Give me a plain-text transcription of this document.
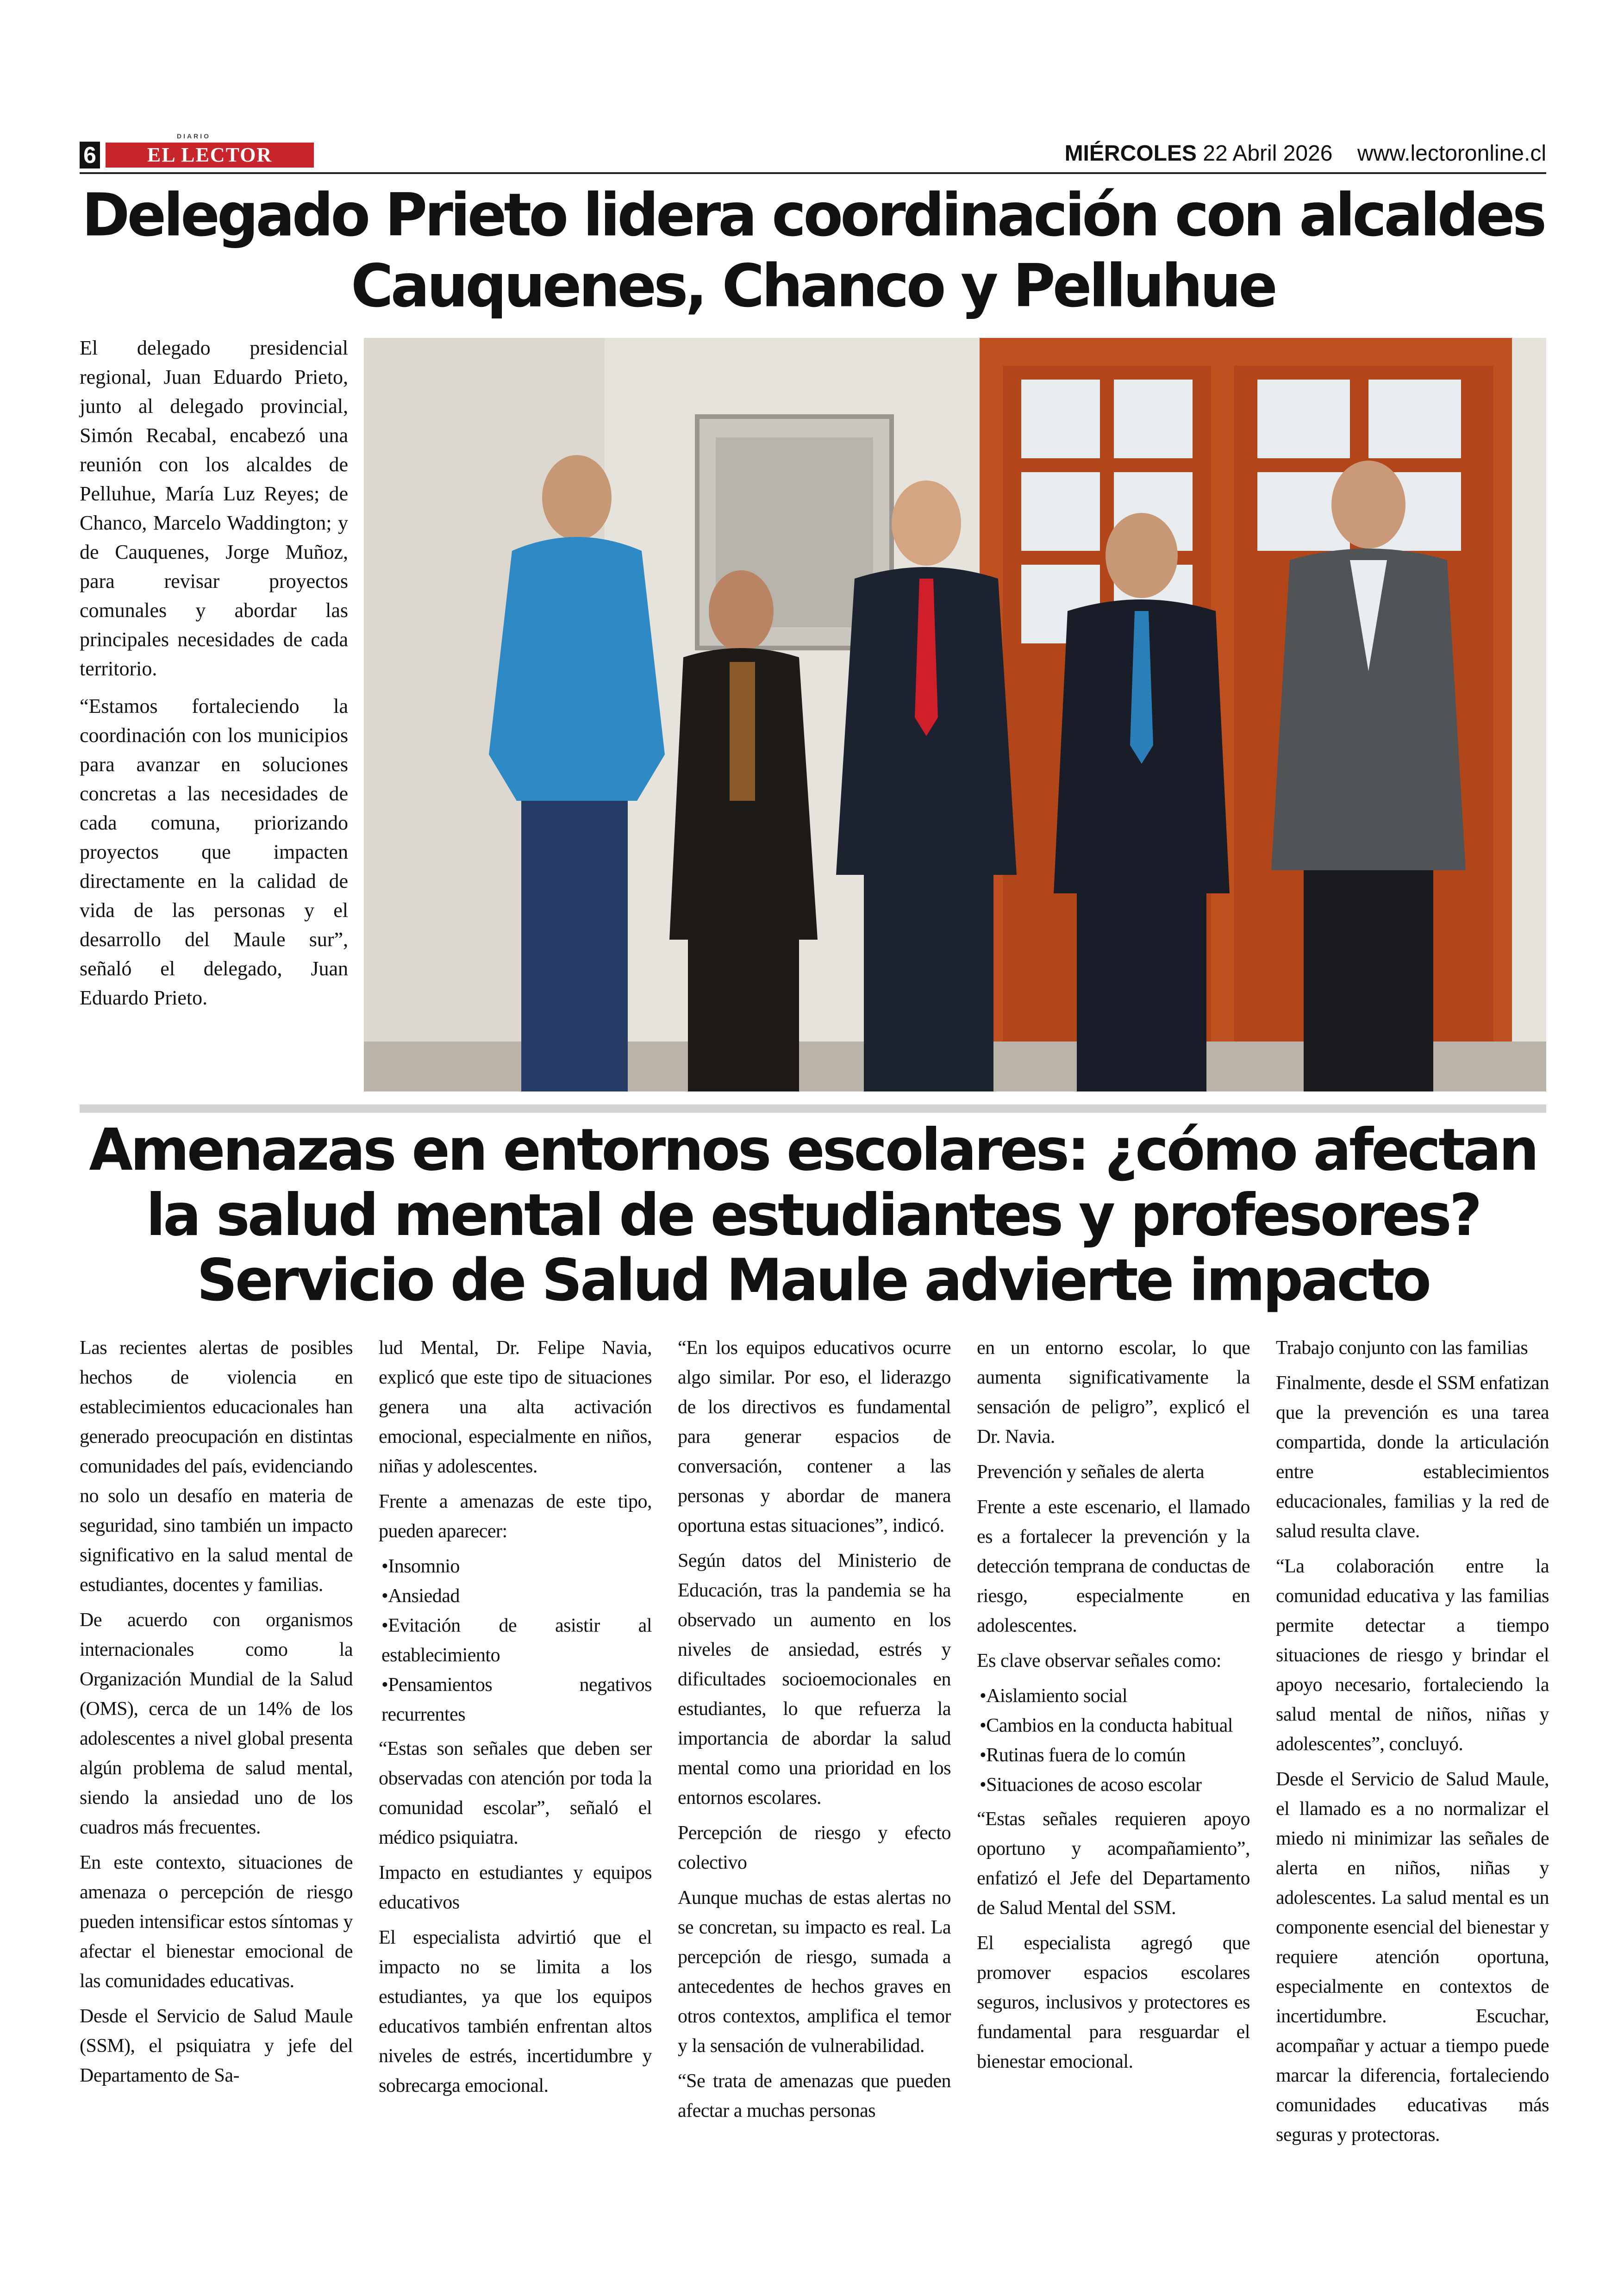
6	EL LECTOR
DIARIO
MIÉRCOLES 22 Abril 2026 www.lectoronline.cl
Delegado Prieto lidera coordinación con alcaldes Cauquenes, Chanco y Pelluhue

El delegado presidencial regional, Juan Eduardo Prieto, junto al delegado provincial, Simón Recabal, encabezó una reunión con los alcaldes de Pelluhue, María Luz Reyes; de Chanco, Marcelo Waddington; y de Cauquenes, Jorge Muñoz, para revisar proyectos comunales y abordar las principales necesidades de cada territorio.

“Estamos fortaleciendo la coordinación con los municipios para avanzar en soluciones concretas a las necesidades de cada comuna, priorizando proyectos que impacten directamente en la calidad de vida de las personas y el desarrollo del Maule sur”, señaló el delegado, Juan Eduardo Prieto.

Amenazas en entornos escolares: ¿cómo afectan la salud mental de estudiantes y profesores? Servicio de Salud Maule advierte impacto

Las recientes alertas de posibles hechos de violencia en establecimientos educacionales han generado preocupación en distintas comunidades del país, evidenciando no solo un desafío en materia de seguridad, sino también un impacto significativo en la salud mental de estudiantes, docentes y familias.

De acuerdo con organismos internacionales como la Organización Mundial de la Salud (OMS), cerca de un 14% de los adolescentes a nivel global presenta algún problema de salud mental, siendo la ansiedad uno de los cuadros más frecuentes.

En este contexto, situaciones de amenaza o percepción de riesgo pueden intensificar estos síntomas y afectar el bienestar emocional de las comunidades educativas.

Desde el Servicio de Salud Maule (SSM), el psiquiatra y jefe del Departamento de Sa-

lud Mental, Dr. Felipe Navia, explicó que este tipo de situaciones genera una alta activación emocional, especialmente en niños, niñas y adolescentes.

Frente a amenazas de este tipo, pueden aparecer:

• Insomnio
• Ansiedad
• Evitación de asistir al establecimiento
• Pensamientos negativos recurrentes

“Estas son señales que deben ser observadas con atención por toda la comunidad escolar”, señaló el médico psiquiatra.

Impacto en estudiantes y equipos educativos

El especialista advirtió que el impacto no se limita a los estudiantes, ya que los equipos educativos también enfrentan altos niveles de estrés, incertidumbre y sobrecarga emocional.

“En los equipos educativos ocurre algo similar. Por eso, el liderazgo de los directivos es fundamental para generar espacios de conversación, contener a las personas y abordar de manera oportuna estas situaciones”, indicó.

Según datos del Ministerio de Educación, tras la pandemia se ha observado un aumento en los niveles de ansiedad, estrés y dificultades socioemocionales en estudiantes, lo que refuerza la importancia de abordar la salud mental como una prioridad en los entornos escolares.

Percepción de riesgo y efecto colectivo

Aunque muchas de estas alertas no se concretan, su impacto es real. La percepción de riesgo, sumada a antecedentes de hechos graves en otros contextos, amplifica el temor y la sensación de vulnerabilidad.

“Se trata de amenazas que pueden afectar a muchas personas

en un entorno escolar, lo que aumenta significativamente la sensación de peligro”, explicó el Dr. Navia.

Prevención y señales de alerta

Frente a este escenario, el llamado es a fortalecer la prevención y la detección temprana de conductas de riesgo, especialmente en adolescentes.

Es clave observar señales como:

• Aislamiento social
• Cambios en la conducta habitual
• Rutinas fuera de lo común
• Situaciones de acoso escolar

“Estas señales requieren apoyo oportuno y acompañamiento”, enfatizó el Jefe del Departamento de Salud Mental del SSM.

El especialista agregó que promover espacios escolares seguros, inclusivos y protectores es fundamental para resguardar el bienestar emocional.

Trabajo conjunto con las familias

Finalmente, desde el SSM enfatizan que la prevención es una tarea compartida, donde la articulación entre establecimientos educacionales, familias y la red de salud resulta clave.

“La colaboración entre la comunidad educativa y las familias permite detectar a tiempo situaciones de riesgo y brindar el apoyo necesario, fortaleciendo la salud mental de niños, niñas y adolescentes”, concluyó.

Desde el Servicio de Salud Maule, el llamado es a no normalizar el miedo ni minimizar las señales de alerta en niños, niñas y adolescentes. La salud mental es un componente esencial del bienestar y requiere atención oportuna, especialmente en contextos de incertidumbre. Escuchar, acompañar y actuar a tiempo puede marcar la diferencia, fortaleciendo comunidades educativas más seguras y protectoras.
